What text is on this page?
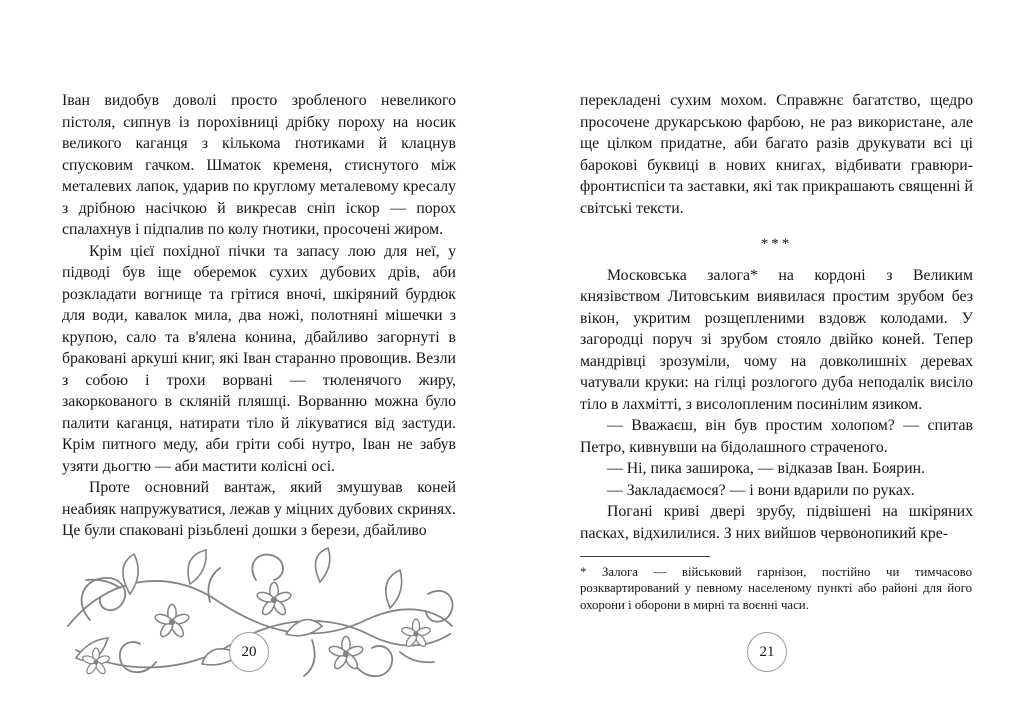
Іван видобув доволі просто зробленого невеликого пістоля, сипнув із порохівниці дрібку пороху на носик великого каганця з кількома ґнотиками й клацнув спусковим гачком. Шматок кременя, стиснутого між металевих лапок, ударив по круглому металевому кресалу з дрібною насічкою й викресав сніп іскор — порох спалахнув і підпалив по колу ґнотики, просочені жиром.

Крім цієї похідної пічки та запасу лою для неї, у підводі був іще оберемок сухих дубових дрів, аби розкладати вогнище та грітися вночі, шкіряний бурдюк для води, кавалок мила, два ножі, полотняні мішечки з крупою, сало та в'ялена конина, дбайливо загорнуті в браковані аркуші книг, які Іван старанно провощив. Везли з собою і трохи ворвані — тюленячого жиру, закоркованого в скляній пляшці. Ворванню можна було палити каганця, натирати тіло й лікуватися від застуди. Крім питного меду, аби гріти собі нутро, Іван не забув узяти дьогтю — аби мастити колісні осі.

Проте основний вантаж, який змушував коней неабияк напружуватися, лежав у міцних дубових скринях. Це були спаковані різьблені дошки з берези, дбайливо

20

перекладені сухим мохом. Справжнє багатство, щедро просочене друкарською фарбою, не раз використане, але ще цілком придатне, аби багато разів друкувати всі ці барокові буквиці в нових книгах, відбивати гравюри-фронтиспіси та заставки, які так прикрашають священні й світські тексти.

***

Московська залога* на кордоні з Великим князівством Литовським виявилася простим зрубом без вікон, укритим розщепленими вздовж колодами. У загородці поруч зі зрубом стояло двійко коней. Тепер мандрівці зрозуміли, чому на довколишніх деревах чатували круки: на гілці розлогого дуба неподалік висіло тіло в лахмітті, з висолопленим посинілим язиком.

— Вважаєш, він був простим холопом? — спитав Петро, кивнувши на бідолашного страченого.

— Ні, пика заширока, — відказав Іван. Боярин.

— Закладаємося? — і вони вдарили по руках.

Погані криві двері зрубу, підвішені на шкіряних пасках, відхилилися. З них вийшов червонопикий кре-

* Залога — військовий гарнізон, постійно чи тимчасово розквартирований у певному населеному пункті або районі для його охорони і оборони в мирні та воєнні часи.
21
